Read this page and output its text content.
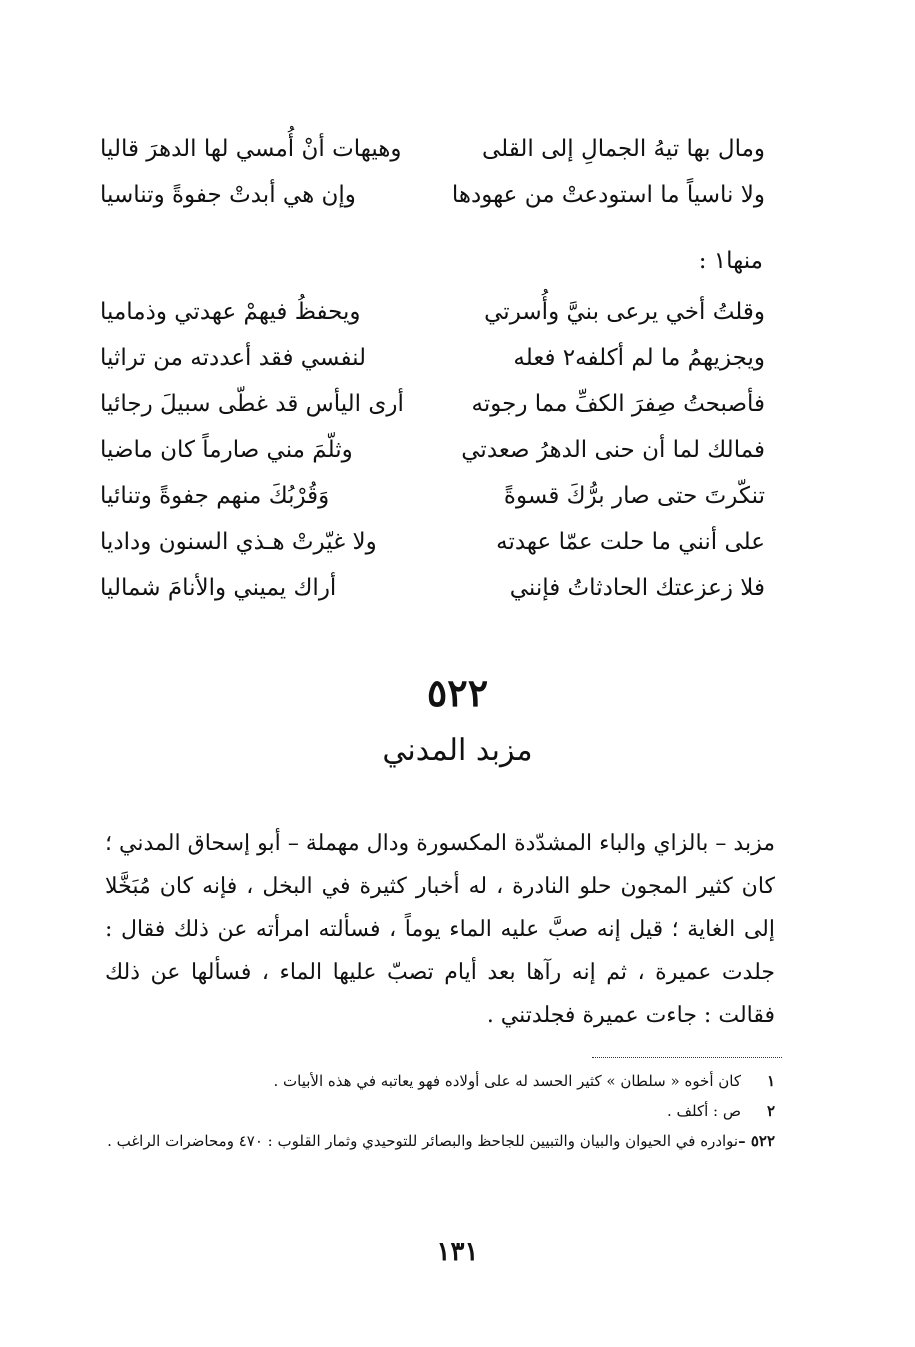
ومال بها تيهُ الجمالِ إلى القلى
وهيهات أنْ أُمسي لها الدهرَ قاليا
ولا ناسياً ما استودعتْ من عهودها
وإن هي أبدتْ جفوةً وتناسيا
منها١ :
وقلتُ أخي يرعى بنيَّ وأُسرتي
ويحفظُ فيهمْ عهدتي وذماميا
ويجزيهمُ ما لم أكلفه٢ فعله
لنفسي فقد أعددته من تراثيا
فأصبحتُ صِفرَ الكفِّ مما رجوته
أرى اليأس قد غطّى سبيلَ رجائيا
فمالك لما أن حنى الدهرُ صعدتي
وثلّمَ مني صارماً كان ماضيا
تنكّرتَ حتى صار برُّكَ قسوةً
وَقُرْبُكَ منهم جفوةً وتنائيا
على أنني ما حلت عمّا عهدته
ولا غيّرتْ هـذي السنون وداديا
فلا زعزعتك الحادثاتُ فإنني
أراك يميني والأنامَ شماليا
٥٢٢
مزبد المدني

مزبد – بالزاي والباء المشدّدة المكسورة ودال مهملة – أبو إسحاق المدني ؛ كان كثير المجون حلو النادرة ، له أخبار كثيرة في البخل ، فإنه كان مُبَخَّلا إلى الغاية ؛ قيل إنه صبَّ عليه الماء يوماً ، فسألته امرأته عن ذلك فقال : جلدت عميرة ، ثم إنه رآها بعد أيام تصبّ عليها الماء ، فسألها عن ذلك فقالت : جاءت عميرة فجلدتني .

١
كان أخوه « سلطان » كثير الحسد له على أولاده فهو يعاتبه في هذه الأبيات .
٢
ص : أكلف .
٥٢٢ –
نوادره في الحيوان والبيان والتبيين للجاحظ والبصائر للتوحيدي وثمار القلوب : ٤٧٠ ومحاضرات الراغب .
١٣١
